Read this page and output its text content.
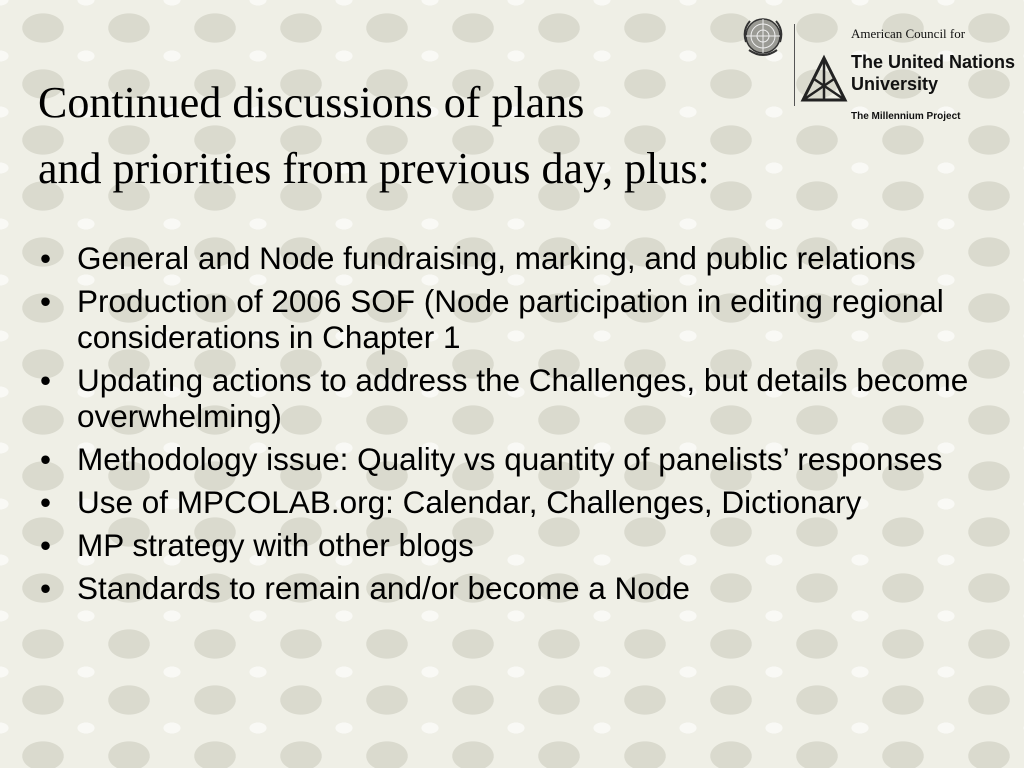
American Council for
The United Nations
University
The Millennium Project
Continued discussions of plans
and priorities from previous day, plus:
• General and Node fundraising, marking, and public relations
• Production of 2006 SOF (Node participation in editing regional considerations in Chapter 1
• Updating actions to address the Challenges, but details become overwhelming)
• Methodology issue: Quality vs quantity of panelists’ responses
• Use of MPCOLAB.org: Calendar, Challenges, Dictionary
• MP strategy with other blogs
• Standards to remain and/or become a Node
